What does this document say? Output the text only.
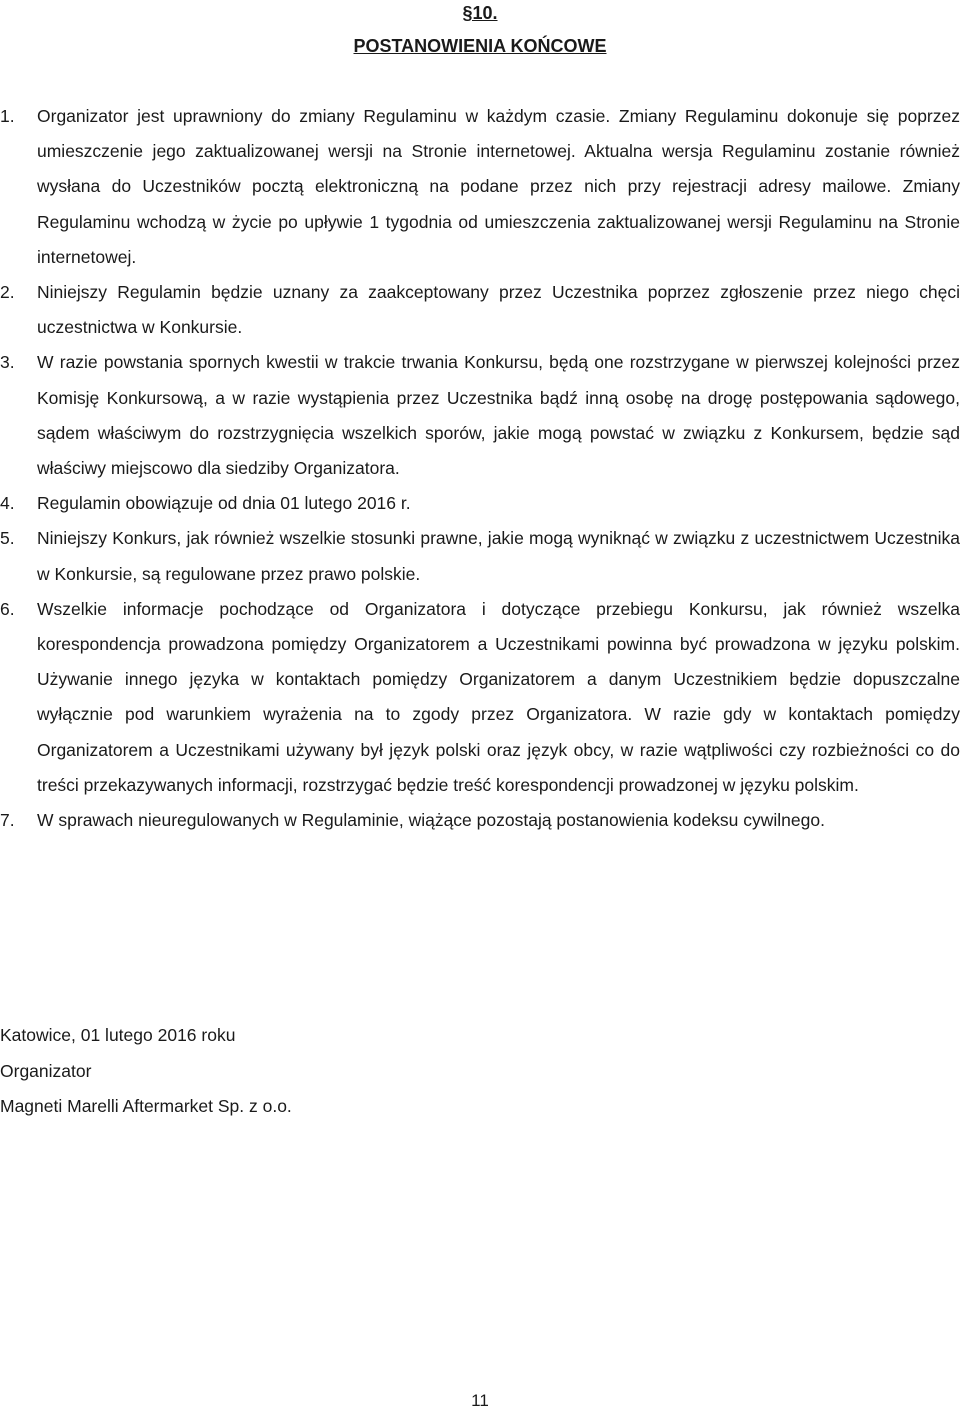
§10.
POSTANOWIENIA KOŃCOWE
1. Organizator jest uprawniony do zmiany Regulaminu w każdym czasie. Zmiany Regulaminu dokonuje się poprzez umieszczenie jego zaktualizowanej wersji na Stronie internetowej. Aktualna wersja Regulaminu zostanie również wysłana do Uczestników pocztą elektroniczną na podane przez nich przy rejestracji adresy mailowe. Zmiany Regulaminu wchodzą w życie po upływie 1 tygodnia od umieszczenia zaktualizowanej wersji Regulaminu na Stronie internetowej.
2. Niniejszy Regulamin będzie uznany za zaakceptowany przez Uczestnika poprzez zgłoszenie przez niego chęci uczestnictwa w Konkursie.
3. W razie powstania spornych kwestii w trakcie trwania Konkursu, będą one rozstrzygane w pierwszej kolejności przez Komisję Konkursową, a w razie wystąpienia przez Uczestnika bądź inną osobę na drogę postępowania sądowego, sądem właściwym do rozstrzygnięcia wszelkich sporów, jakie mogą powstać w związku z Konkursem, będzie sąd właściwy miejscowo dla siedziby Organizatora.
4. Regulamin obowiązuje od dnia 01 lutego 2016 r.
5. Niniejszy Konkurs, jak również wszelkie stosunki prawne, jakie mogą wyniknąć w związku z uczestnictwem Uczestnika w Konkursie, są regulowane przez prawo polskie.
6. Wszelkie informacje pochodzące od Organizatora i dotyczące przebiegu Konkursu, jak również wszelka korespondencja prowadzona pomiędzy Organizatorem a Uczestnikami powinna być prowadzona w języku polskim. Używanie innego języka w kontaktach pomiędzy Organizatorem a danym Uczestnikiem będzie dopuszczalne wyłącznie pod warunkiem wyrażenia na to zgody przez Organizatora. W razie gdy w kontaktach pomiędzy Organizatorem a Uczestnikami używany był język polski oraz język obcy, w razie wątpliwości czy rozbieżności co do treści przekazywanych informacji, rozstrzygać będzie treść korespondencji prowadzonej w języku polskim.
7. W sprawach nieuregulowanych w Regulaminie, wiążące pozostają postanowienia kodeksu cywilnego.
Katowice, 01 lutego 2016 roku
Organizator
Magneti Marelli Aftermarket Sp. z o.o.
11
